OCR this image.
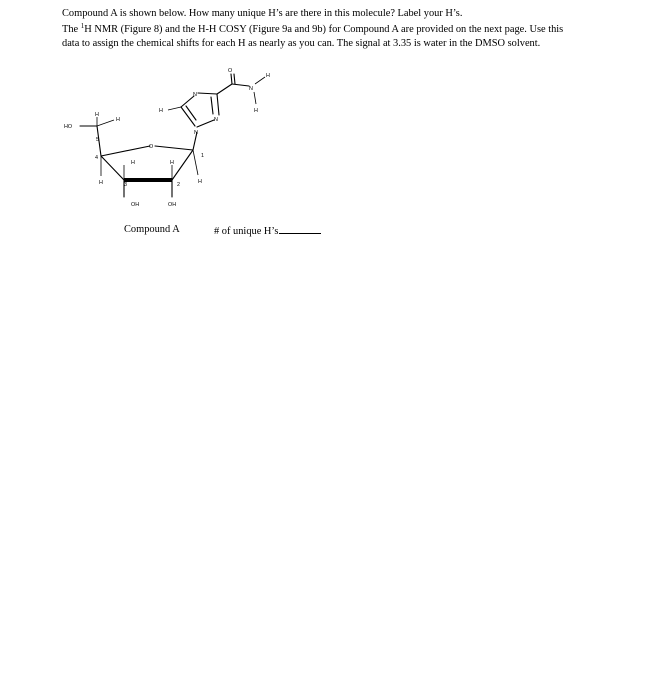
Compound A is shown below. How many unique H’s are there in this molecule? Label your H’s.
The $^1$H NMR (Figure 8) and the H-H COSY (Figure 9a and 9b) for Compound A are provided on the next page. Use this
data to assign the chemical shifts for each H as nearly as you can. The signal at 3.35 is water in the DMSO solvent.
HO
H
H
5
4
H
O
H
3
H
2
1
H
OH	OH
N
N
N
H
O
N
H
H
Compound A	# of unique H’s
